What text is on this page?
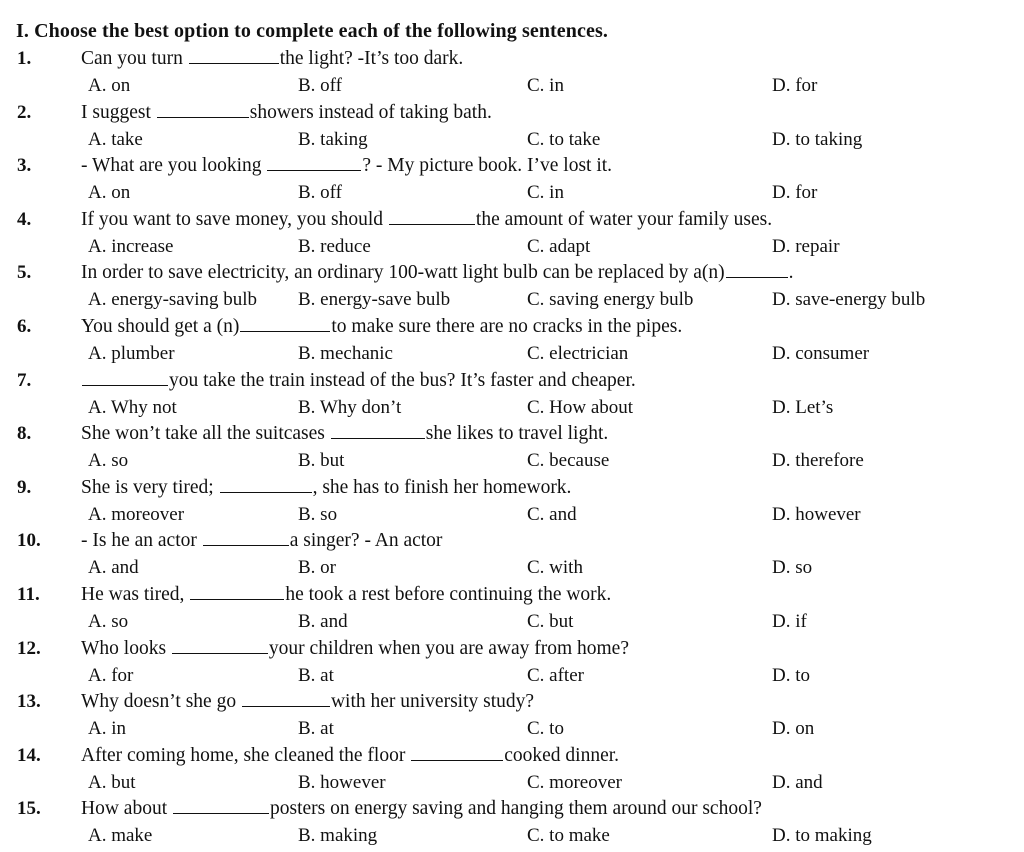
I. Choose the best option to complete each of the following sentences.
1.	Can you turn	the light? -It’s too dark.
A. on	B. off	C. in	D. for
2.	I suggest	showers instead of taking bath.
A. take	B. taking	C. to take	D. to taking
3.	- What are you looking	? - My picture book. I’ve lost it.
A. on	B. off	C. in	D. for
4.	If you want to save money, you should	the amount of water your family uses.
A. increase	B. reduce	C. adapt	D. repair
5.	In order to save electricity, an ordinary 100-watt light bulb can be replaced by a(n)	.
A. energy-saving bulb B. energy-save bulb	C. saving energy bulb	D. save-energy bulb
6.	You should get a (n)	to make sure there are no cracks in the pipes.
A. plumber	B. mechanic	C. electrician	D. consumer
7.	you take the train instead of the bus? It’s faster and cheaper.
A. Why not	B. Why don’t	C. How about	D. Let’s
8.	She won’t take all the suitcases	she likes to travel light.
A. so	B. but	C. because	D. therefore
9.	She is very tired;	, she has to finish her homework.
A. moreover	B. so	C. and	D. however
10. - Is he an actor	a singer? - An actor
A. and	B. or	C. with	D. so
11. He was tired,	he took a rest before continuing the work.
A. so	B. and	C. but	D. if
12. Who looks	your children when you are away from home?
A. for	B. at	C. after	D. to
13. Why doesn’t she go	with her university study?
A. in	B. at	C. to	D. on
14. After coming home, she cleaned the floor	cooked dinner.
A. but	B. however	C. moreover	D. and
15. How about	posters on energy saving and hanging them around our school?
A. make	B. making	C. to make	D. to making
